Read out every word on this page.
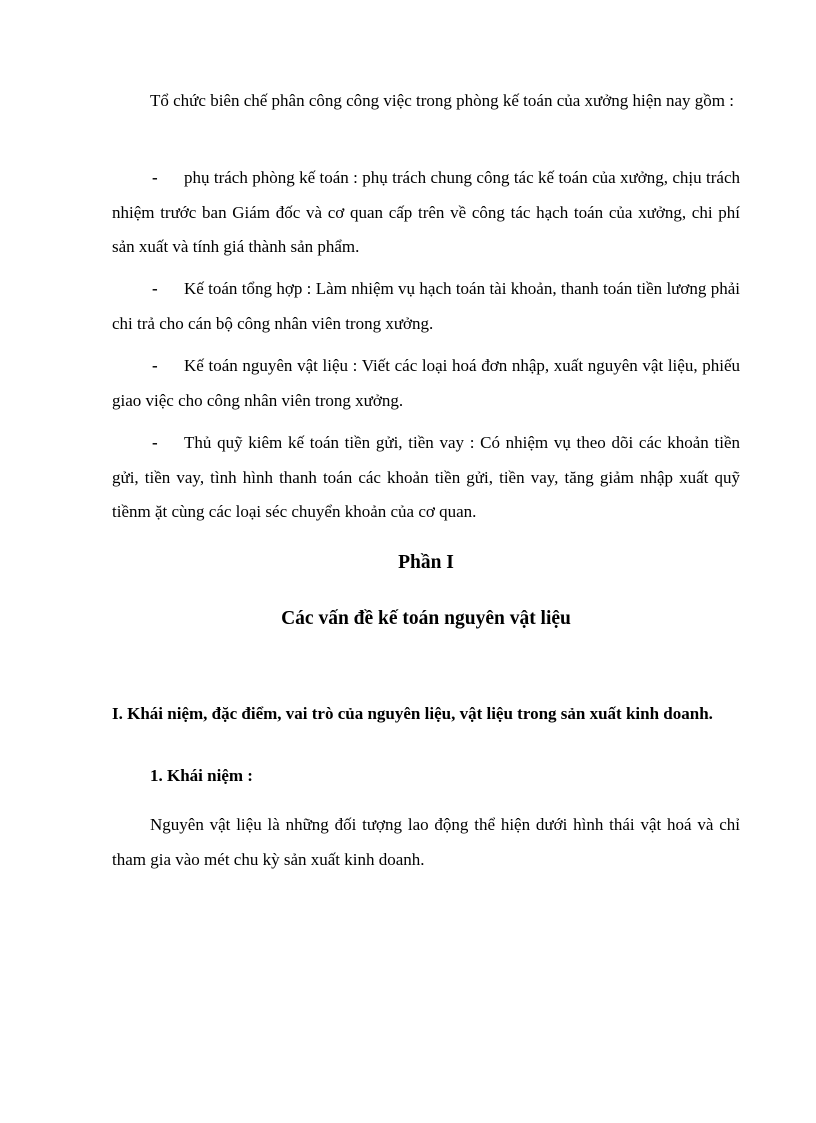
Tổ chức biên chế phân công công việc trong phòng kế toán của xưởng hiện nay gồm :

-	phụ trách phòng kế toán : phụ trách chung công tác kế toán của xưởng, chịu trách nhiệm trước ban Giám đốc và cơ quan cấp trên về công tác hạch toán của xưởng, chi phí sản xuất và tính giá thành sản phẩm.

-	Kế toán tổng hợp : Làm nhiệm vụ hạch toán tài khoản, thanh toán tiền lương phải chi trả cho cán bộ công nhân viên trong xưởng.

-	Kế toán nguyên vật liệu : Viết các loại hoá đơn nhập, xuất nguyên vật liệu, phiếu giao việc cho công nhân viên trong xưởng.

-	Thủ quỹ kiêm kế toán tiền gửi, tiền vay : Có nhiệm vụ theo dõi các khoản tiền gửi, tiền vay, tình hình thanh toán các khoản tiền gửi, tiền vay, tăng giảm nhập xuất quỹ tiềnm ặt cùng các loại séc chuyển khoản của cơ quan.

Phần I

Các vấn đề kế toán nguyên vật liệu

I. Khái niệm, đặc điểm, vai trò của nguyên liệu, vật liệu trong sản xuất kinh doanh.

1. Khái niệm :

Nguyên vật liệu là những đối tượng lao động thể hiện dưới hình thái vật hoá và chỉ tham gia vào mét chu kỳ sản xuất kinh doanh.
